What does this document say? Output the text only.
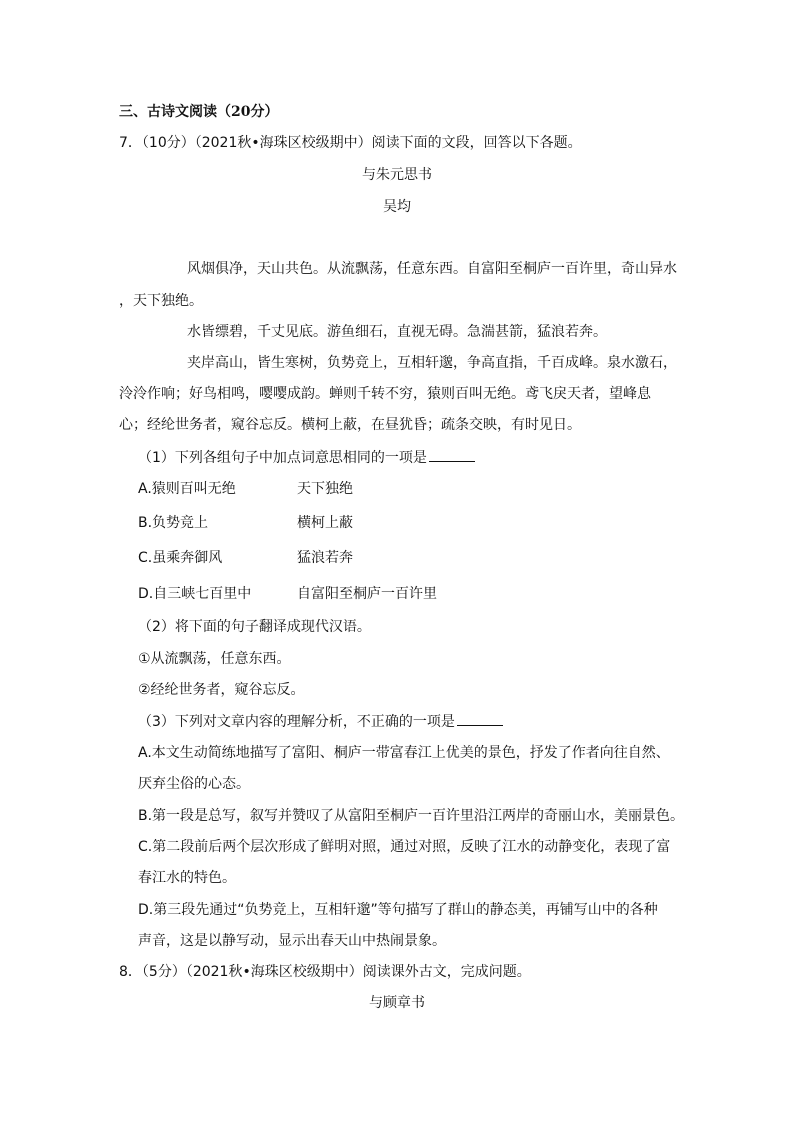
三、古诗文阅读（20分）
7．（10分）（2021秋•海珠区校级期中）阅读下面的文段，回答以下各题。
与朱元思书
吴均
风烟俱净，天山共色。从流飘荡，任意东西。自富阳至桐庐一百许里，奇山异水
，天下独绝。
水皆缥碧，千丈见底。游鱼细石，直视无碍。急湍甚箭，猛浪若奔。
夹岸高山，皆生寒树，负势竞上，互相轩邈，争高直指，千百成峰。泉水激石，
泠泠作响；好鸟相鸣，嘤嘤成韵。蝉则千转不穷，猿则百叫无绝。鸢飞戾天者，望峰息
心；经纶世务者，窥谷忘反。横柯上蔽，在昼犹昏；疏条交映，有时见日。
（1）下列各组句子中加点词意思相同的一项是
A.猿则百叫无绝	天下独绝
B.负势竞上	横柯上蔽
C.虽乘奔御风	猛浪若奔
D.自三峡七百里中	自富阳至桐庐一百许里
（2）将下面的句子翻译成现代汉语。
①从流飘荡，任意东西。
②经纶世务者，窥谷忘反。
（3）下列对文章内容的理解分析，不正确的一项是
A.本文生动简练地描写了富阳、桐庐一带富春江上优美的景色，抒发了作者向往自然、
厌弃尘俗的心态。
B.第一段是总写，叙写并赞叹了从富阳至桐庐一百许里沿江两岸的奇丽山水，美丽景色。
C.第二段前后两个层次形成了鲜明对照，通过对照，反映了江水的动静变化，表现了富
春江水的特色。
D.第三段先通过“负势竞上，互相轩邈”等句描写了群山的静态美，再铺写山中的各种
声音，这是以静写动，显示出春天山中热闹景象。
8．（5分）（2021秋•海珠区校级期中）阅读课外古文，完成问题。
与顾章书
